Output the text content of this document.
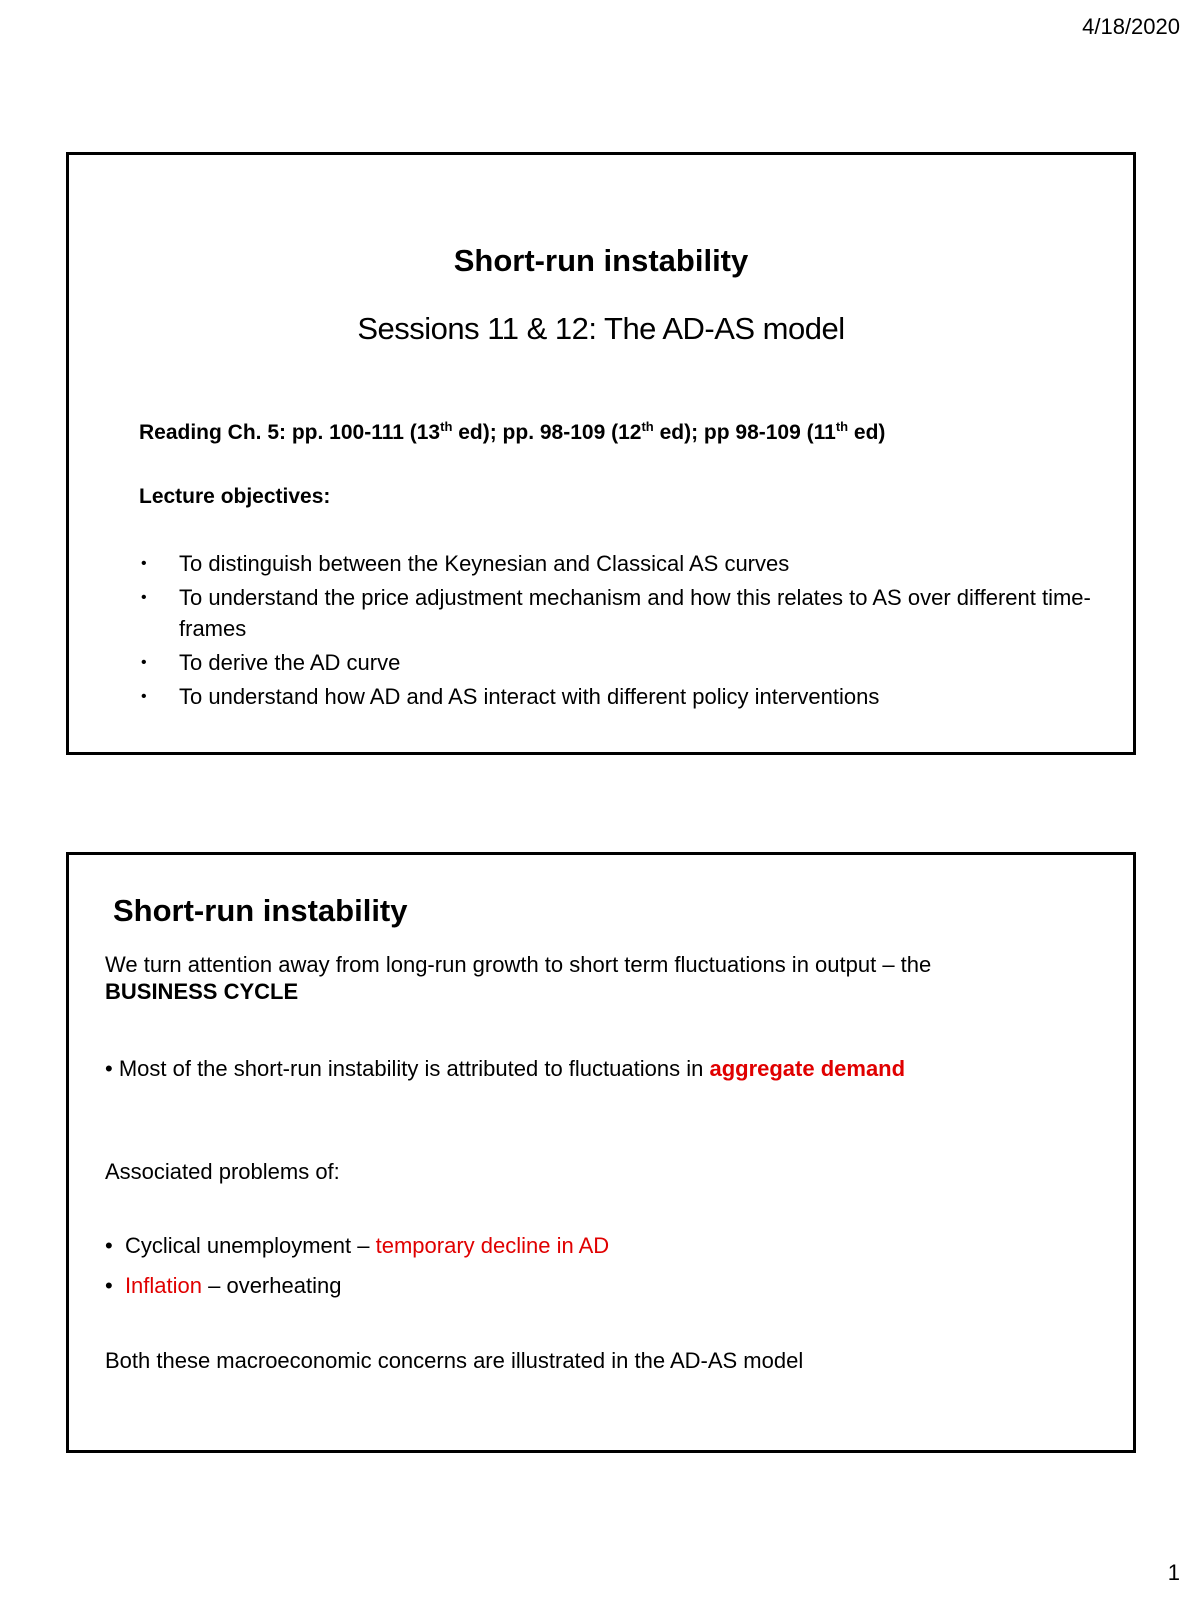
4/18/2020
Short-run instability
Sessions 11 & 12: The AD-AS model
Reading Ch. 5: pp. 100-111 (13th ed); pp. 98-109 (12th ed); pp 98-109 (11th ed)
Lecture objectives:
• To distinguish between the Keynesian and Classical AS curves
• To understand the price adjustment mechanism and how this relates to AS over different time-frames
• To derive the AD curve
• To understand how AD and AS interact with different policy interventions
Short-run instability
We turn attention away from long-run growth to short term fluctuations in output – the BUSINESS CYCLE
• Most of the short-run instability is attributed to fluctuations in aggregate demand
Associated problems of:
• Cyclical unemployment – temporary decline in AD
• Inflation – overheating
Both these macroeconomic concerns are illustrated in the AD-AS model
1
